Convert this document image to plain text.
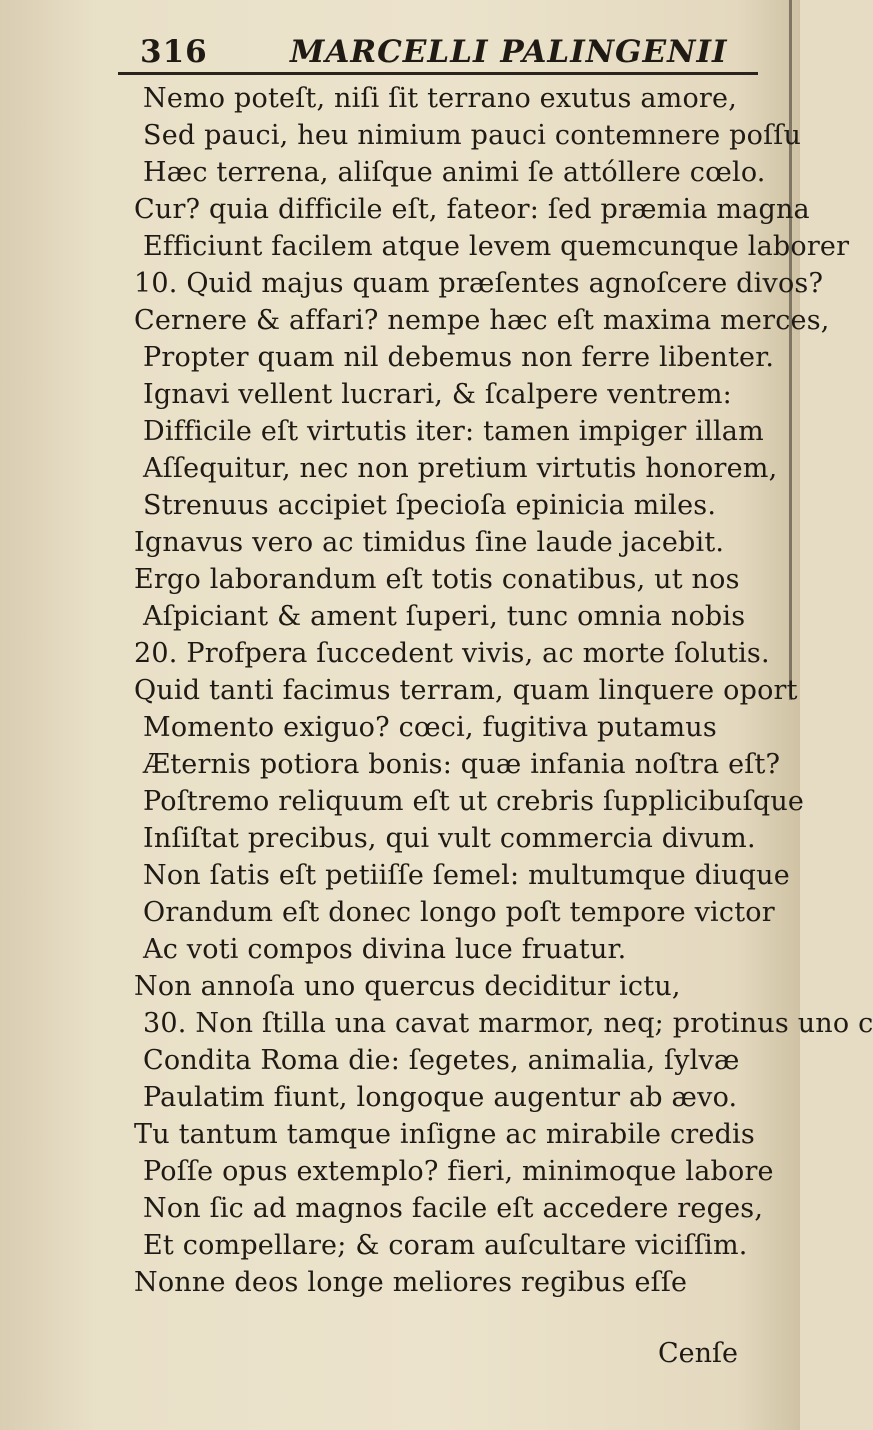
316	MARCELLI PALINGENII
Nemo poteſt, niſi ſit terrano exutus amore,
Sed pauci, heu nimium pauci contemnere poſſu
Hæc terrena, aliſque animi ſe attóllere cœlo.
Cur? quia difficile eſt, fateor: ſed præmia magna
Efficiunt facilem atque levem quemcunque laborer
10. Quid majus quam præſentes agnoſcere divos?
Cernere & affari? nempe hæc eſt maxima merces,
Propter quam nil debemus non ferre libenter.
Ignavi vellent lucrari, & ſcalpere ventrem:
Difficile eſt virtutis iter: tamen impiger illam
Aſſequitur, nec non pretium virtutis honorem,
Strenuus accipiet ſpecioſa epinicia miles.
Ignavus vero ac timidus ſine laude jacebit.
Ergo laborandum eſt totis conatibus, ut nos
Aſpiciant & ament ſuperi, tunc omnia nobis
20. Profpera ſuccedent vivis, ac morte ſolutis.
Quid tanti facimus terram, quam linquere oport
Momento exiguo? cœci, fugitiva putamus
Æternis potiora bonis: quæ infania noſtra eſt?
Poſtremo reliquum eſt ut crebris ſupplicibuſque
Inſiſtat precibus, qui vult commercia divum.
Non ſatis eſt petiiſſe ſemel: multumque diuque
Orandum eſt donec longo poſt tempore victor
Ac voti compos divina luce fruatur.
Non annoſa uno quercus deciditur ictu,
30. Non ſtilla una cavat marmor, neq; protinus uno c
Condita Roma die: ſegetes, animalia, ſylvæ
Paulatim fiunt, longoque augentur ab ævo.
Tu tantum tamque inſigne ac mirabile credis
Poſſe opus extemplo? fieri, minimoque labore
Non ſic ad magnos facile eſt accedere reges,
Et compellare; & coram auſcultare viciſſim.
Nonne deos longe meliores regibus eſſe
Cenſe
